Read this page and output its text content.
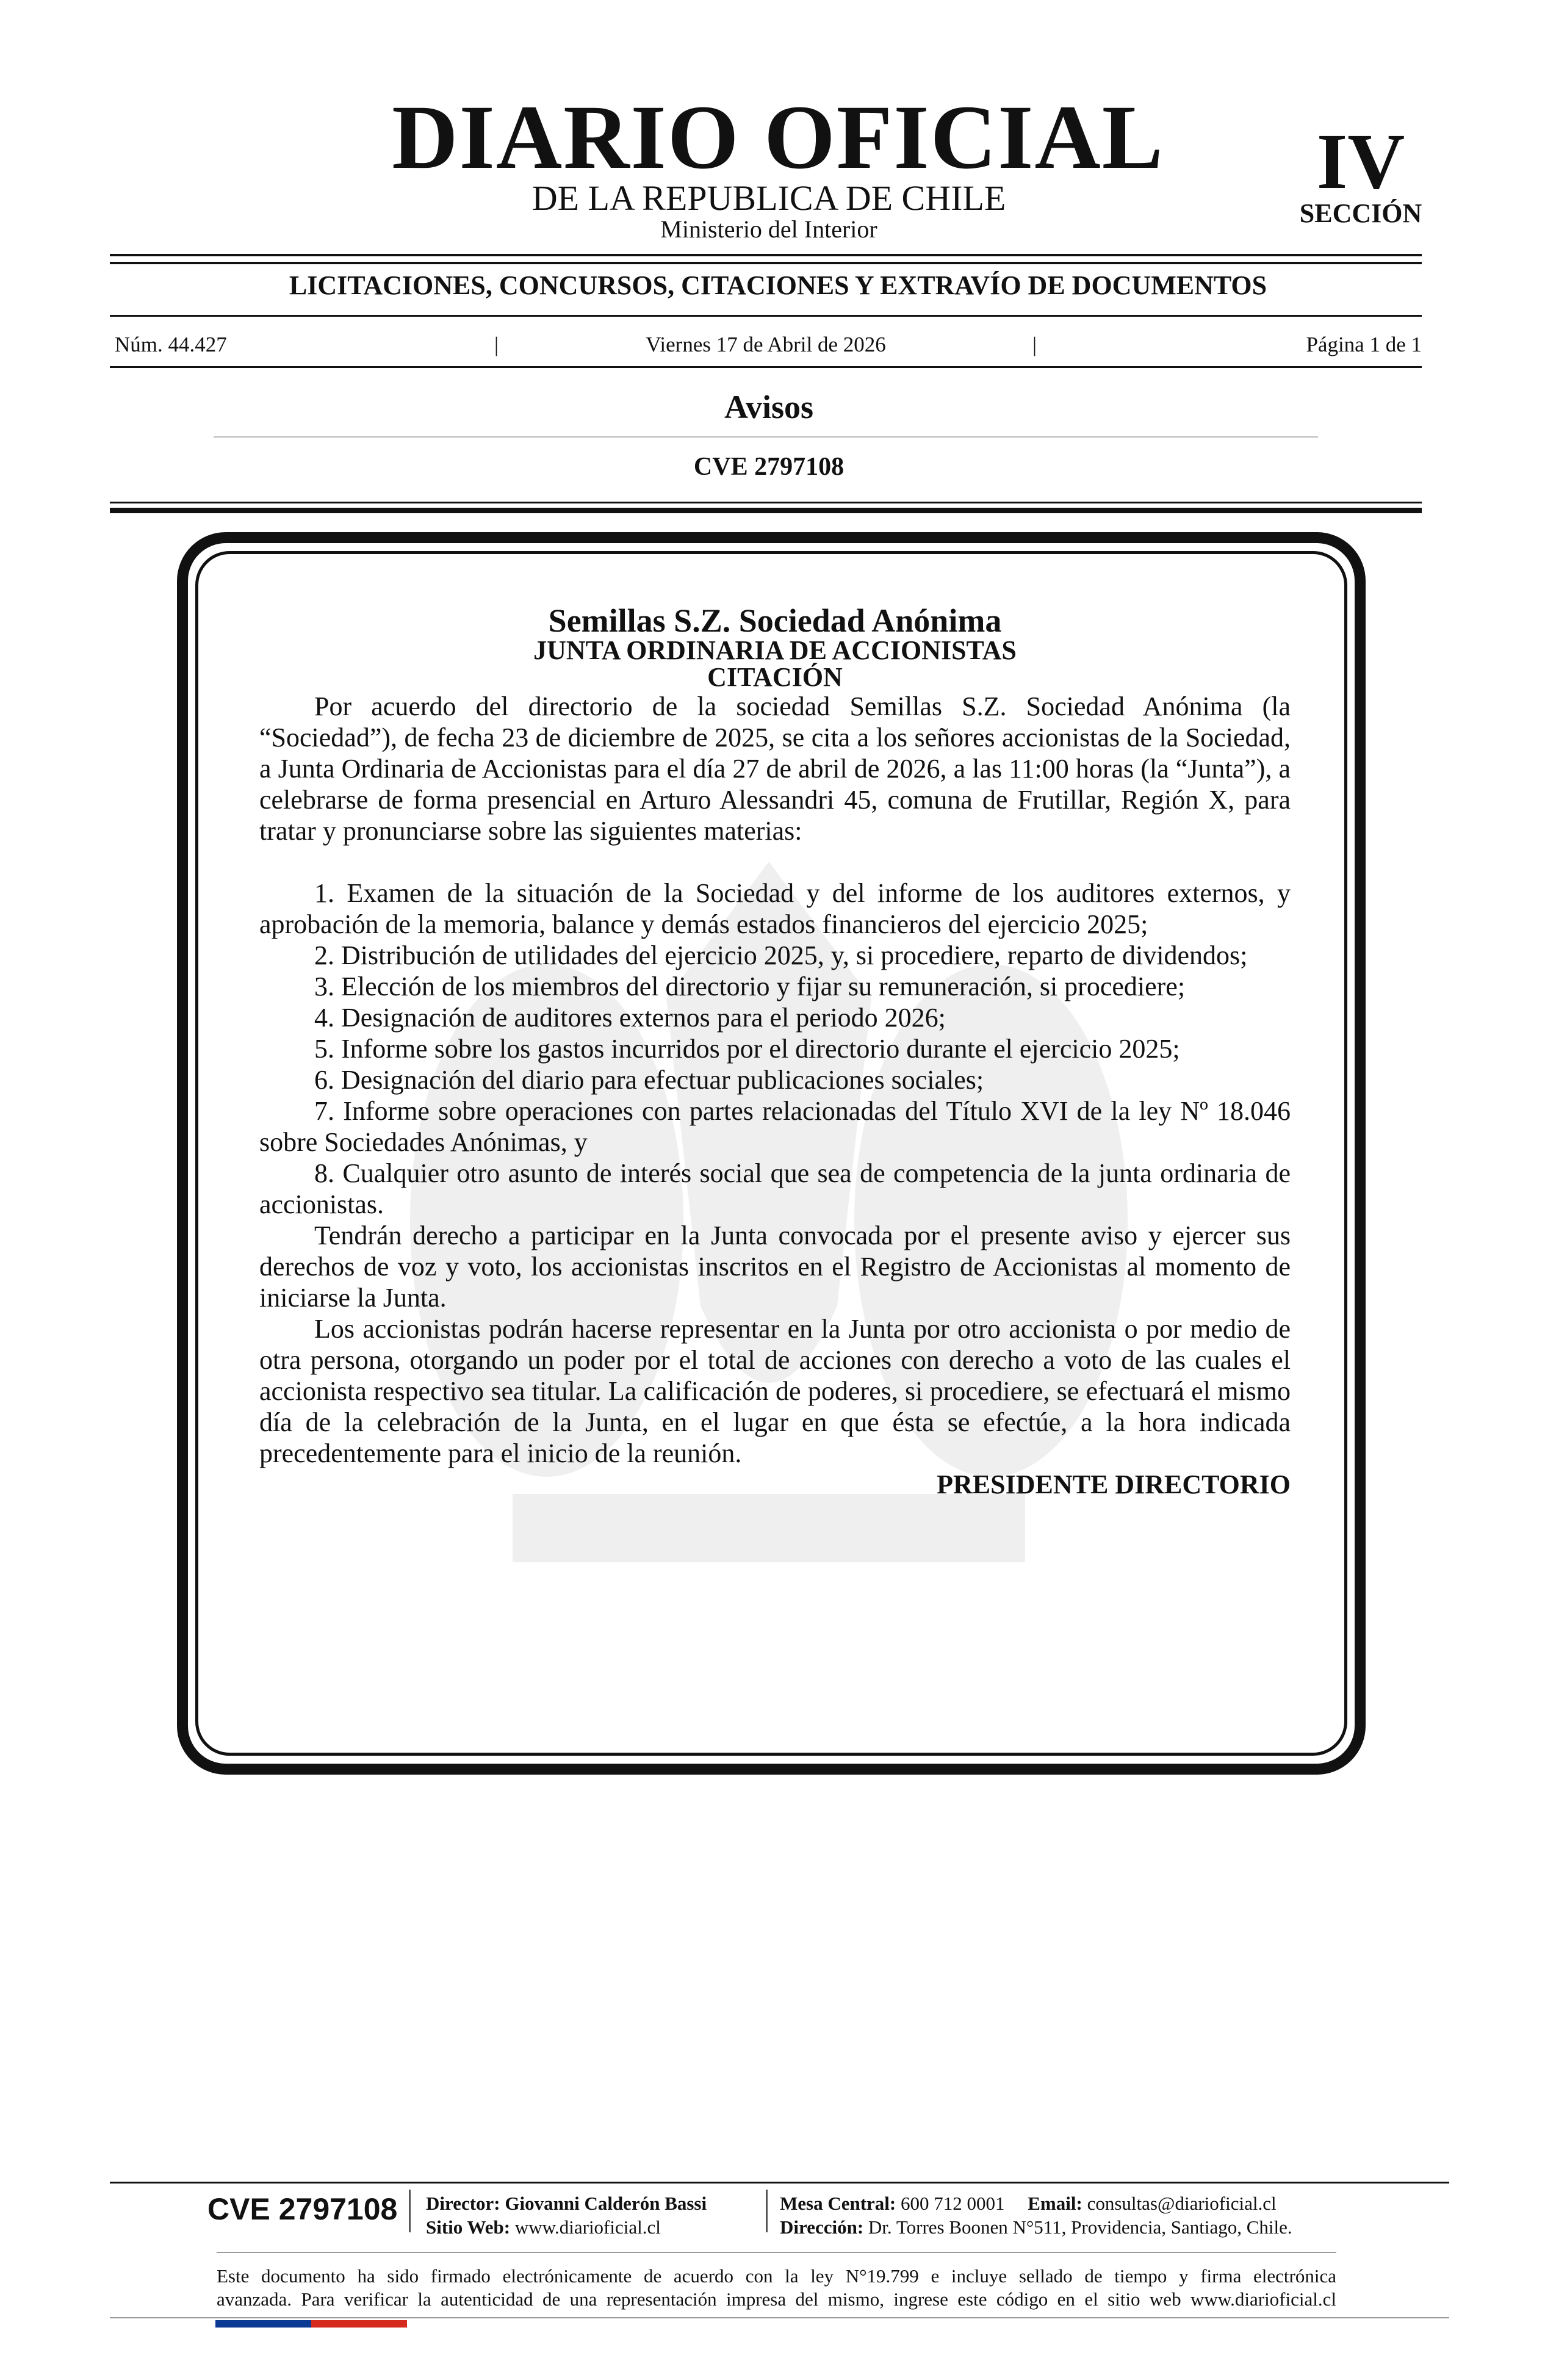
DIARIO OFICIAL
DE LA REPUBLICA DE CHILE
Ministerio del Interior
IV
SECCIÓN
LICITACIONES, CONCURSOS, CITACIONES Y EXTRAVÍO DE DOCUMENTOS
Núm. 44.427	|	Viernes 17 de Abril de 2026	|	Página 1 de 1
Avisos
CVE 2797108

Semillas S.Z. Sociedad Anónima

JUNTA ORDINARIA DE ACCIONISTAS

CITACIÓN

Por acuerdo del directorio de la sociedad Semillas S.Z. Sociedad Anónima (la “Sociedad”), de fecha 23 de diciembre de 2025, se cita a los señores accionistas de la Sociedad, a Junta Ordinaria de Accionistas para el día 27 de abril de 2026, a las 11:00 horas (la “Junta”), a celebrarse de forma presencial en Arturo Alessandri 45, comuna de Frutillar, Región X, para tratar y pronunciarse sobre las siguientes materias:

1. Examen de la situación de la Sociedad y del informe de los auditores externos, y aprobación de la memoria, balance y demás estados financieros del ejercicio 2025;

2. Distribución de utilidades del ejercicio 2025, y, si procediere, reparto de dividendos;

3. Elección de los miembros del directorio y fijar su remuneración, si procediere;

4. Designación de auditores externos para el periodo 2026;

5. Informe sobre los gastos incurridos por el directorio durante el ejercicio 2025;

6. Designación del diario para efectuar publicaciones sociales;

7. Informe sobre operaciones con partes relacionadas del Título XVI de la ley Nº 18.046 sobre Sociedades Anónimas, y

8. Cualquier otro asunto de interés social que sea de competencia de la junta ordinaria de accionistas.

Tendrán derecho a participar en la Junta convocada por el presente aviso y ejercer sus derechos de voz y voto, los accionistas inscritos en el Registro de Accionistas al momento de iniciarse la Junta.

Los accionistas podrán hacerse representar en la Junta por otro accionista o por medio de otra persona, otorgando un poder por el total de acciones con derecho a voto de las cuales el accionista respectivo sea titular. La calificación de poderes, si procediere, se efectuará el mismo día de la celebración de la Junta, en el lugar en que ésta se efectúe, a la hora indicada precedentemente para el inicio de la reunión.

PRESIDENTE DIRECTORIO

CVE 2797108 Director: Giovanni Calderón Bassi
Sitio Web: www.diarioficial.cl
Mesa Central: 600 712 0001 Email: consultas@diarioficial.cl
Dirección: Dr. Torres Boonen N°511, Providencia, Santiago, Chile.
Este documento ha sido firmado electrónicamente de acuerdo con la ley N°19.799 e incluye sellado de tiempo y firma electrónica
avanzada. Para verificar la autenticidad de una representación impresa del mismo, ingrese este código en el sitio web www.diarioficial.cl
